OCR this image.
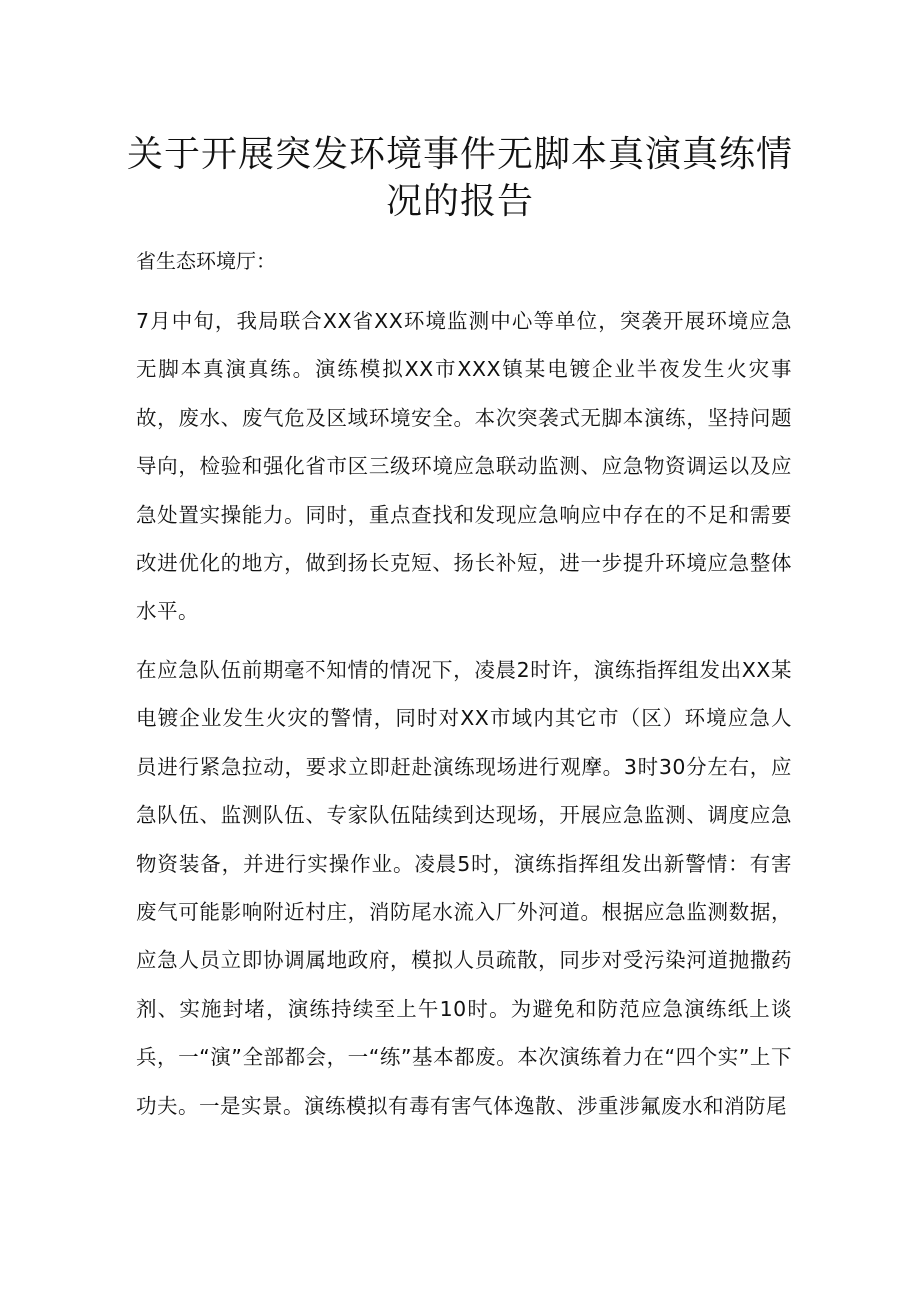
关于开展突发环境事件无脚本真演真练情况的报告

省生态环境厅：

7月中旬，我局联合XX省XX环境监测中心等单位，突袭开展环境应急无脚本真演真练。演练模拟XX市XXX镇某电镀企业半夜发生火灾事故，废水、废气危及区域环境安全。本次突袭式无脚本演练，坚持问题导向，检验和强化省市区三级环境应急联动监测、应急物资调运以及应急处置实操能力。同时，重点查找和发现应急响应中存在的不足和需要改进优化的地方，做到扬长克短、扬长补短，进一步提升环境应急整体水平。

在应急队伍前期毫不知情的情况下，凌晨2时许，演练指挥组发出XX某电镀企业发生火灾的警情，同时对XX市域内其它市（区）环境应急人员进行紧急拉动，要求立即赶赴演练现场进行观摩。3时30分左右，应急队伍、监测队伍、专家队伍陆续到达现场，开展应急监测、调度应急物资装备，并进行实操作业。凌晨5时，演练指挥组发出新警情：有害废气可能影响附近村庄，消防尾水流入厂外河道。根据应急监测数据，应急人员立即协调属地政府，模拟人员疏散，同步对受污染河道抛撒药剂、实施封堵，演练持续至上午10时。为避免和防范应急演练纸上谈兵，一“演”全部都会，一“练”基本都废。本次演练着力在“四个实”上下功夫。一是实景。演练模拟有毒有害气体逸散、涉重涉氟废水和消防尾
